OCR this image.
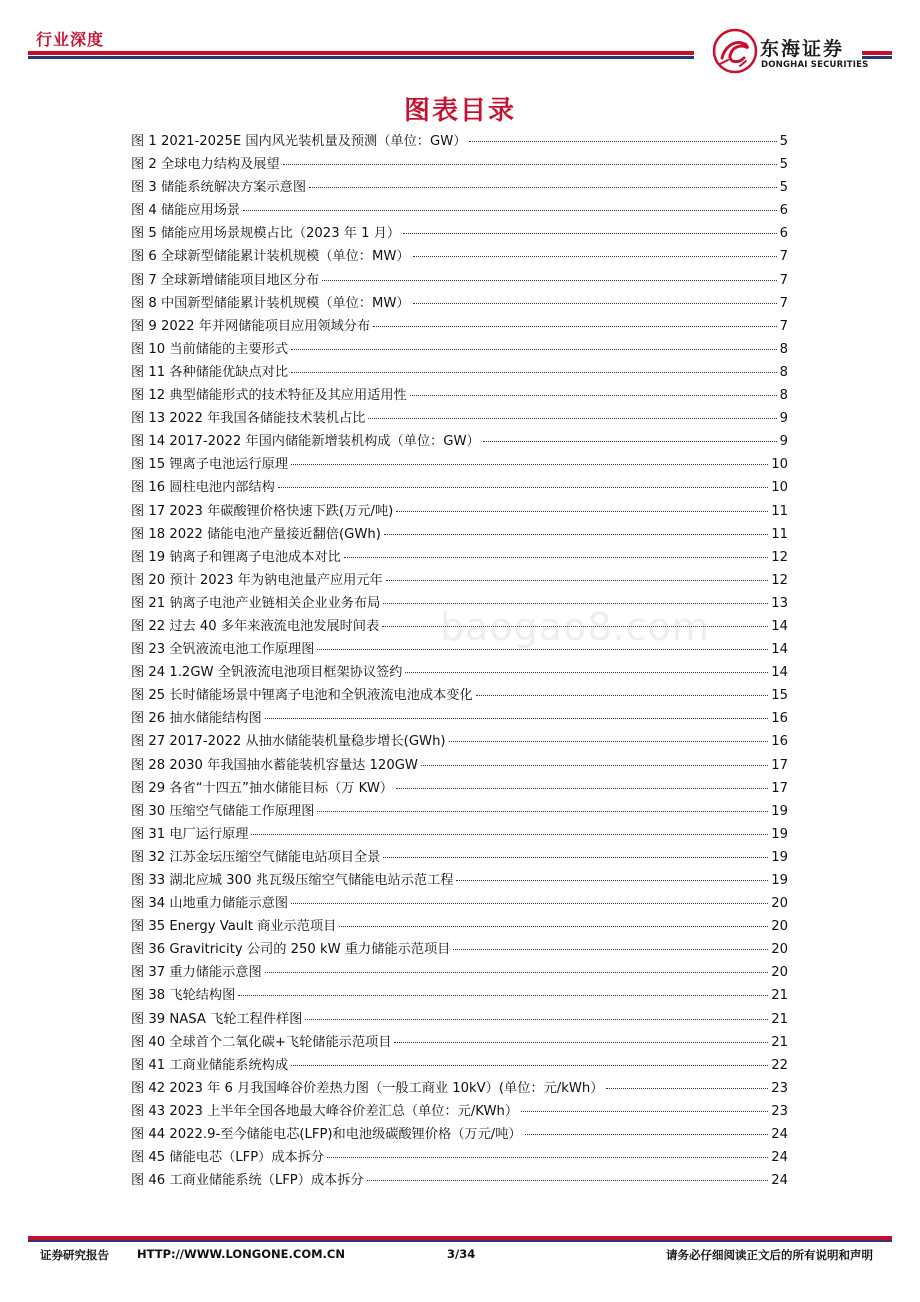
行业深度	东海证券
DONGHAI SECURITIES
图表目录
图 1 2021-2025E 国内风光装机量及预测（单位：GW）	5
图 2 全球电力结构及展望	5
图 3 储能系统解决方案示意图	5
图 4 储能应用场景	6
图 5 储能应用场景规模占比（2023 年 1 月）	6
图 6 全球新型储能累计装机规模（单位：MW）	7
图 7 全球新增储能项目地区分布	7
图 8 中国新型储能累计装机规模（单位：MW）	7
图 9 2022 年并网储能项目应用领域分布	7
图 10 当前储能的主要形式	8
图 11 各种储能优缺点对比	8
图 12 典型储能形式的技术特征及其应用适用性	8
图 13 2022 年我国各储能技术装机占比	9
图 14 2017-2022 年国内储能新增装机构成（单位：GW）	9
图 15 锂离子电池运行原理	10
图 16 圆柱电池内部结构	10
图 17 2023 年碳酸锂价格快速下跌(万元/吨)	11
图 18 2022 储能电池产量接近翻倍(GWh)	11
图 19 钠离子和锂离子电池成本对比	12
图 20 预计 2023 年为钠电池量产应用元年	12
图 21 钠离子电池产业链相关企业业务布局	13
图 22 过去 40 多年来液流电池发展时间表	14
图 23 全钒液流电池工作原理图	14
图 24 1.2GW 全钒液流电池项目框架协议签约	14
图 25 长时储能场景中锂离子电池和全钒液流电池成本变化	15
图 26 抽水储能结构图	16
图 27 2017-2022 从抽水储能装机量稳步增长(GWh)	16
图 28 2030 年我国抽水蓄能装机容量达 120GW	17
图 29 各省“十四五”抽水储能目标（万 KW）	17
图 30 压缩空气储能工作原理图	19
图 31 电厂运行原理	19
图 32 江苏金坛压缩空气储能电站项目全景	19
图 33 湖北应城 300 兆瓦级压缩空气储能电站示范工程	19
图 34 山地重力储能示意图	20
图 35 Energy Vault 商业示范项目	20
图 36 Gravitricity 公司的 250 kW 重力储能示范项目	20
图 37 重力储能示意图	20
图 38 飞轮结构图	21
图 39 NASA 飞轮工程件样图	21
图 40 全球首个二氧化碳+飞轮储能示范项目	21
图 41 工商业储能系统构成	22
图 42 2023 年 6 月我国峰谷价差热力图（一般工商业 10kV）(单位：元/kWh）	23
图 43 2023 上半年全国各地最大峰谷价差汇总（单位：元/KWh）	23
图 44 2022.9-至今储能电芯(LFP)和电池级碳酸锂价格（万元/吨）	24
图 45 储能电芯（LFP）成本拆分	24
图 46 工商业储能系统（LFP）成本拆分	24
baogao8.com
证券研究报告 HTTP://WWW.LONGONE.COM.CN	3/34	请务必仔细阅读正文后的所有说明和声明
